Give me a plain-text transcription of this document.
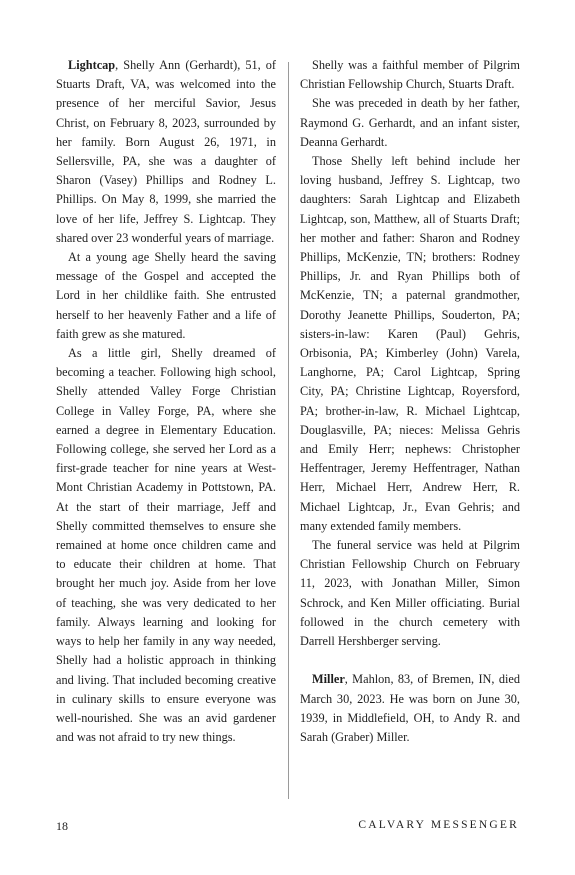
Lightcap, Shelly Ann (Gerhardt), 51, of Stuarts Draft, VA, was welcomed into the presence of her merciful Savior, Jesus Christ, on February 8, 2023, surrounded by her family. Born August 26, 1971, in Sellersville, PA, she was a daughter of Sharon (Vasey) Phillips and Rodney L. Phillips. On May 8, 1999, she married the love of her life, Jeffrey S. Lightcap. They shared over 23 wonderful years of marriage.

At a young age Shelly heard the saving message of the Gospel and accepted the Lord in her childlike faith. She entrusted herself to her heavenly Father and a life of faith grew as she matured.

As a little girl, Shelly dreamed of becoming a teacher. Following high school, Shelly attended Valley Forge Christian College in Valley Forge, PA, where she earned a degree in Elementary Education. Following college, she served her Lord as a first-grade teacher for nine years at West-Mont Christian Academy in Pottstown, PA. At the start of their marriage, Jeff and Shelly committed themselves to ensure she remained at home once children came and to educate their children at home. That brought her much joy. Aside from her love of teaching, she was very dedicated to her family. Always learning and looking for ways to help her family in any way needed, Shelly had a holistic approach in thinking and living. That included becoming creative in culinary skills to ensure everyone was well-nourished. She was an avid gardener and was not afraid to try new things.

Shelly was a faithful member of Pilgrim Christian Fellowship Church, Stuarts Draft.

She was preceded in death by her father, Raymond G. Gerhardt, and an infant sister, Deanna Gerhardt.

Those Shelly left behind include her loving husband, Jeffrey S. Lightcap, two daughters: Sarah Lightcap and Elizabeth Lightcap, son, Matthew, all of Stuarts Draft; her mother and father: Sharon and Rodney Phillips, McKenzie, TN; brothers: Rodney Phillips, Jr. and Ryan Phillips both of McKenzie, TN; a paternal grandmother, Dorothy Jeanette Phillips, Souderton, PA; sisters-in-law: Karen (Paul) Gehris, Orbisonia, PA; Kimberley (John) Varela, Langhorne, PA; Carol Lightcap, Spring City, PA; Christine Lightcap, Royersford, PA; brother-in-law, R. Michael Lightcap, Douglasville, PA; nieces: Melissa Gehris and Emily Herr; nephews: Christopher Heffentrager, Jeremy Heffentrager, Nathan Herr, Michael Herr, Andrew Herr, R. Michael Lightcap, Jr., Evan Gehris; and many extended family members.

The funeral service was held at Pilgrim Christian Fellowship Church on February 11, 2023, with Jonathan Miller, Simon Schrock, and Ken Miller officiating. Burial followed in the church cemetery with Darrell Hershberger serving.

Miller, Mahlon, 83, of Bremen, IN, died March 30, 2023. He was born on June 30, 1939, in Middlefield, OH, to Andy R. and Sarah (Graber) Miller.

18	CALVARY MESSENGER
